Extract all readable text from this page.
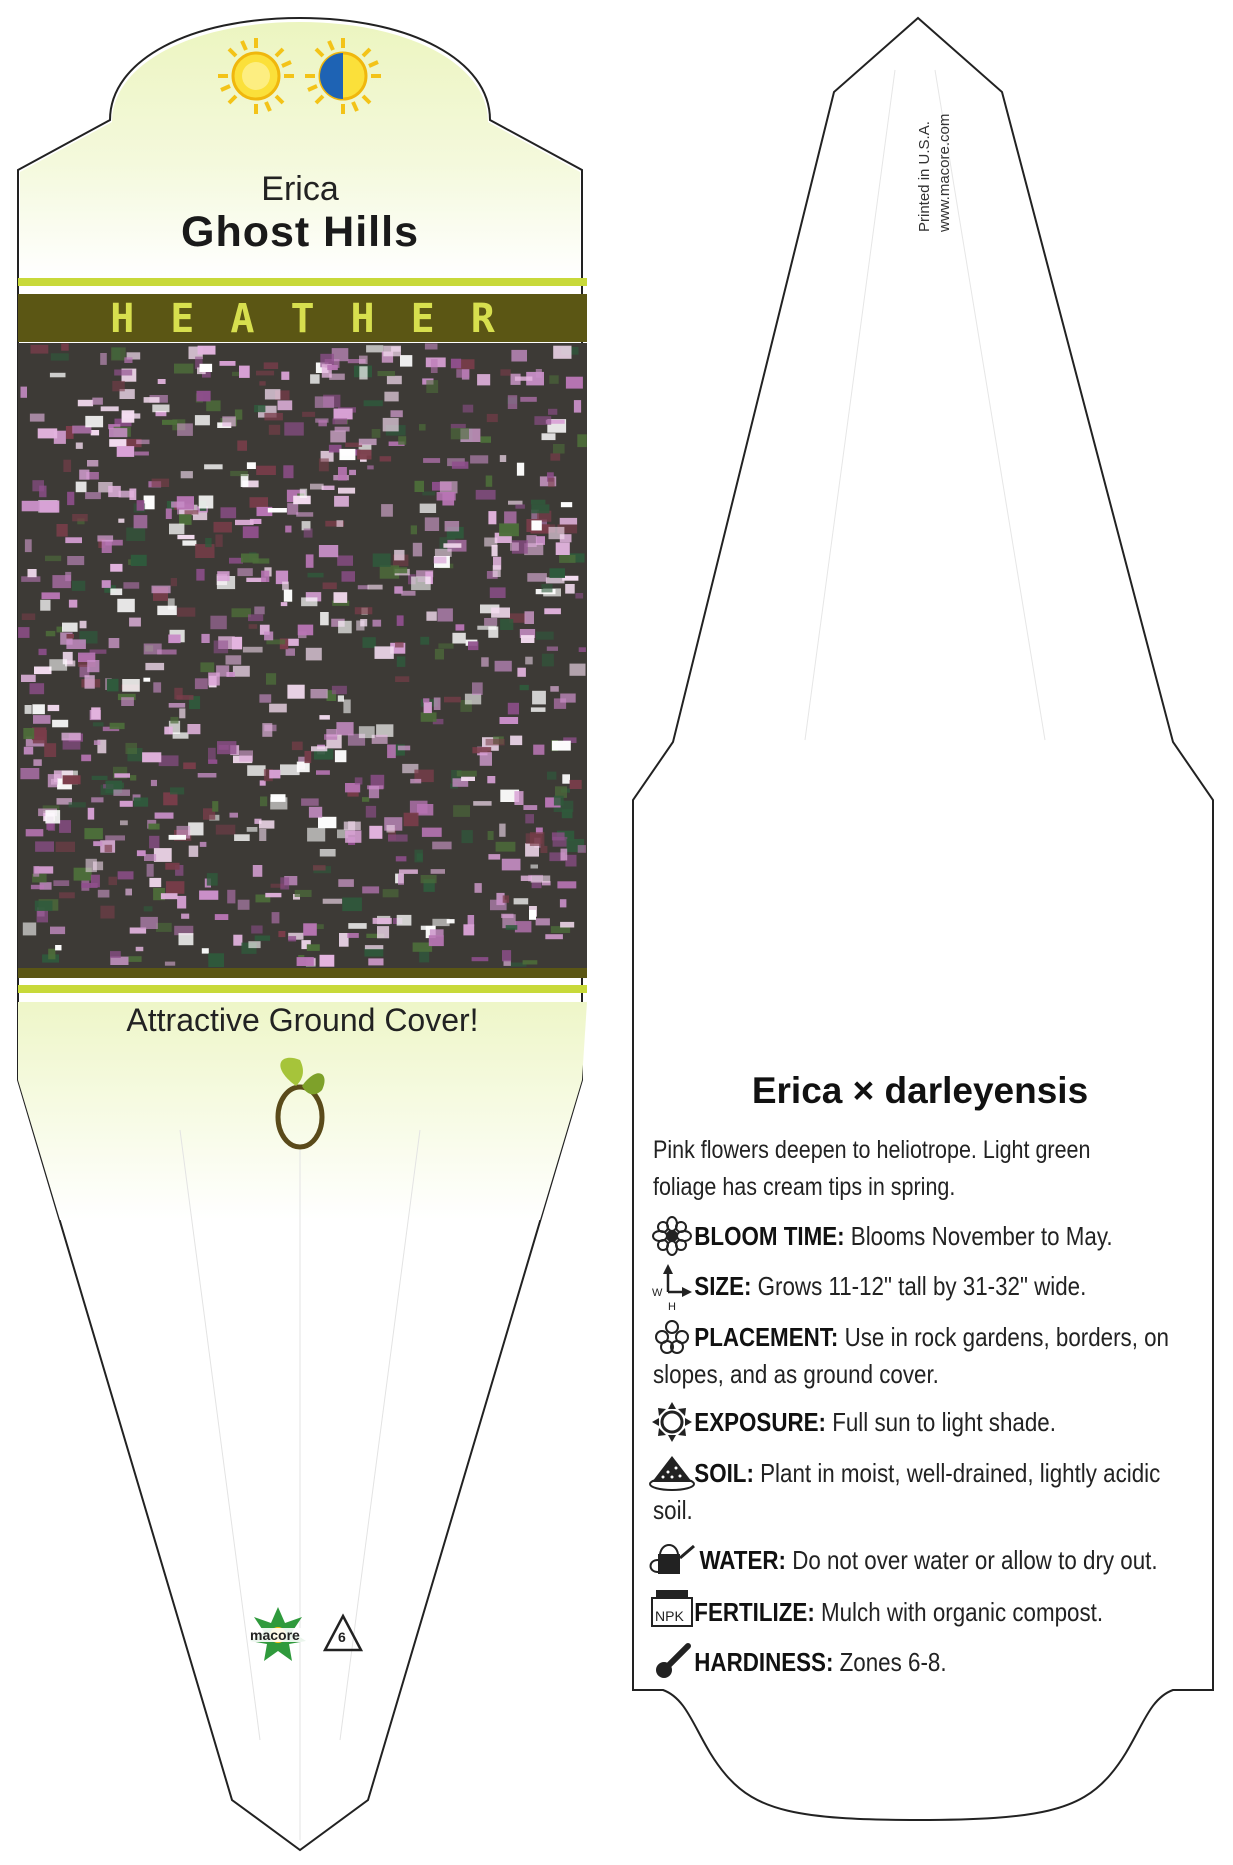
W
H
NPK
Erica
Ghost Hills
HEATHER
Attractive Ground Cover!
macore	6
Printed in U.S.A. www.macore.com
Erica × darleyensis
Pink flowers deepen to heliotrope. Light green foliage has cream tips in spring.
BLOOM TIME: Blooms November to May.
SIZE: Grows 11-12" tall by 31-32" wide.
PLACEMENT: Use in rock gardens, borders, on slopes, and as ground cover.
EXPOSURE: Full sun to light shade.
SOIL: Plant in moist, well-drained, lightly acidic soil.
WATER: Do not over water or allow to dry out.
FERTILIZE: Mulch with organic compost.
HARDINESS: Zones 6-8.
